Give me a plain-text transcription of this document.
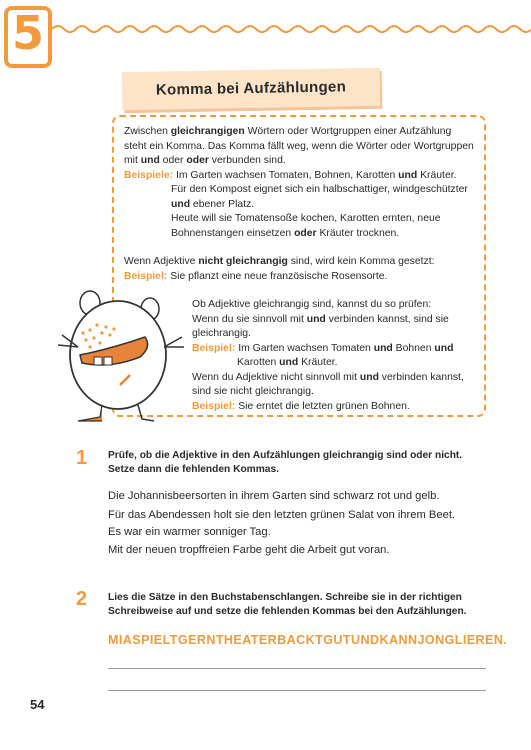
5
Komma bei Aufzählungen
Zwischen gleichrangigen Wörtern oder Wortgruppen einer Aufzählung
steht ein Komma. Das Komma fällt weg, wenn die Wörter oder Wortgruppen
mit und oder oder verbunden sind.
Beispiele: Im Garten wachsen Tomaten, Bohnen, Karotten und Kräuter.
Für den Kompost eignet sich ein halbschattiger, windgeschützter
und ebener Platz.
Heute will sie Tomatensoße kochen, Karotten ernten, neue
Bohnenstangen einsetzen oder Kräuter trocknen.
Wenn Adjektive nicht gleichrangig sind, wird kein Komma gesetzt:
Beispiel: Sie pflanzt eine neue französische Rosensorte.
Ob Adjektive gleichrangig sind, kannst du so prüfen:
Wenn du sie sinnvoll mit und verbinden kannst, sind sie
gleichrangig.
Beispiel: Im Garten wachsen Tomaten und Bohnen und
Karotten und Kräuter.
Wenn du Adjektive nicht sinnvoll mit und verbinden kannst,
sind sie nicht gleichrangig.
Beispiel: Sie erntet die letzten grünen Bohnen.
1 Prüfe, ob die Adjektive in den Aufzählungen gleichrangig sind oder nicht.
Setze dann die fehlenden Kommas.
Die Johannisbeersorten in ihrem Garten sind schwarz rot und gelb.
Für das Abendessen holt sie den letzten grünen Salat von ihrem Beet.
Es war ein warmer sonniger Tag.
Mit der neuen tropffreien Farbe geht die Arbeit gut voran.
2 Lies die Sätze in den Buchstabenschlangen. Schreibe sie in der richtigen
Schreibweise auf und setze die fehlenden Kommas bei den Aufzählungen.
MIASPIELTGERNTHEATERBACKTGUTUNDKANNJONGLIEREN.
54
